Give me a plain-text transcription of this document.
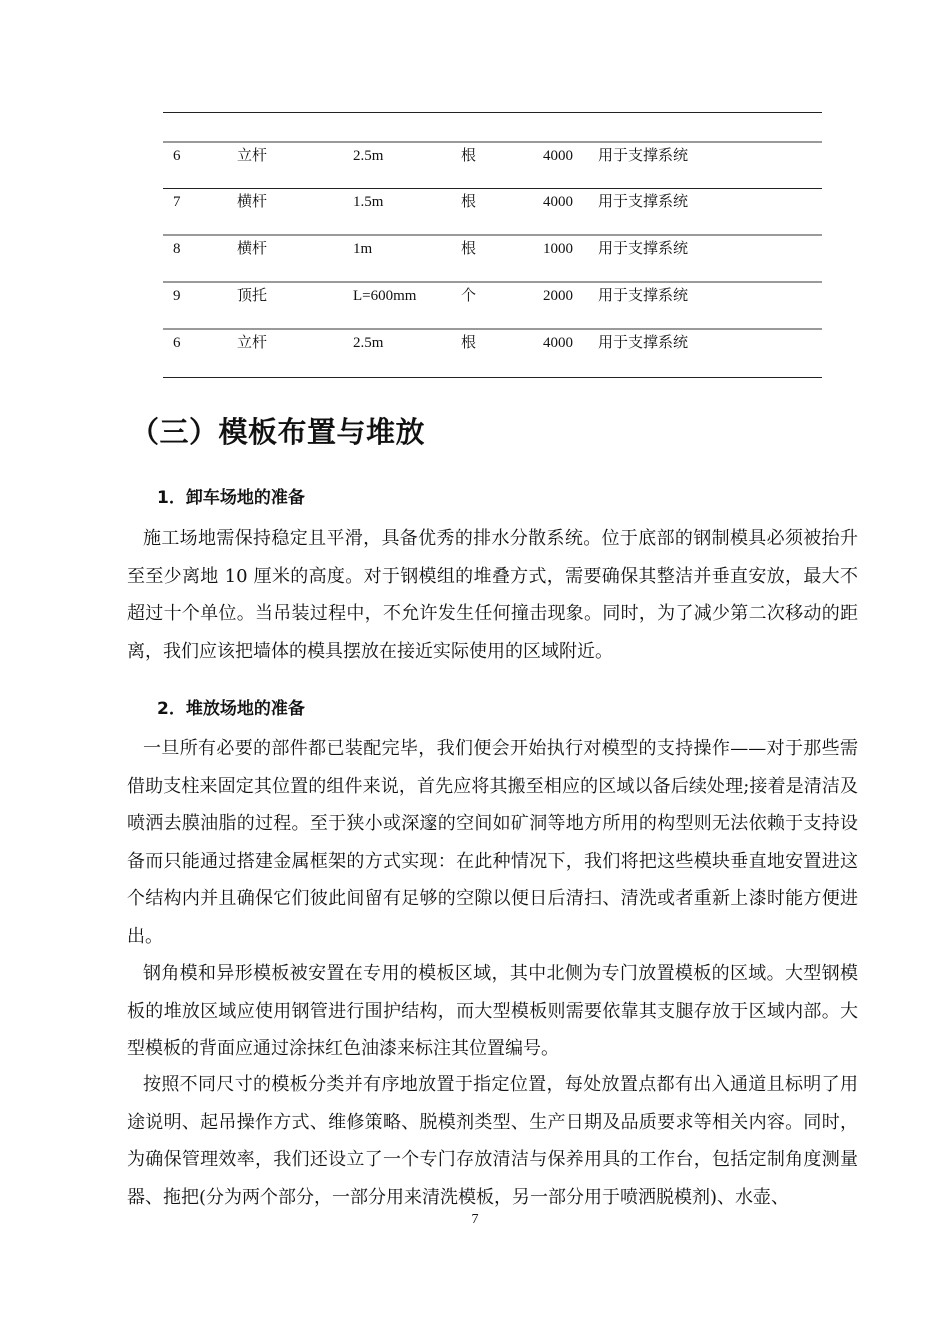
6	立杆	2.5m	根	4000 用于支撑系统
7	横杆	1.5m	根	4000 用于支撑系统
8	横杆	1m	根	1000 用于支撑系统
9	顶托	L=600mm	个	2000 用于支撑系统
6	立杆	2.5m	根	4000 用于支撑系统
（三）模板布置与堆放
1．卸车场地的准备

施工场地需保持稳定且平滑，具备优秀的排水分散系统。位于底部的钢制模具必须被抬升至至少离地 10 厘米的高度。对于钢模组的堆叠方式，需要确保其整洁并垂直安放，最大不超过十个单位。当吊装过程中，不允许发生任何撞击现象。同时，为了减少第二次移动的距离，我们应该把墙体的模具摆放在接近实际使用的区域附近。

2．堆放场地的准备

一旦所有必要的部件都已装配完毕，我们便会开始执行对模型的支持操作——对于那些需借助支柱来固定其位置的组件来说，首先应将其搬至相应的区域以备后续处理;接着是清洁及喷洒去膜油脂的过程。至于狭小或深邃的空间如矿洞等地方所用的构型则无法依赖于支持设备而只能通过搭建金属框架的方式实现：在此种情况下，我们将把这些模块垂直地安置进这个结构内并且确保它们彼此间留有足够的空隙以便日后清扫、清洗或者重新上漆时能方便进出。

钢角模和异形模板被安置在专用的模板区域，其中北侧为专门放置模板的区域。大型钢模板的堆放区域应使用钢管进行围护结构，而大型模板则需要依靠其支腿存放于区域内部。大型模板的背面应通过涂抹红色油漆来标注其位置编号。

按照不同尺寸的模板分类并有序地放置于指定位置，每处放置点都有出入通道且标明了用途说明、起吊操作方式、维修策略、脱模剂类型、生产日期及品质要求等相关内容。同时，为确保管理效率，我们还设立了一个专门存放清洁与保养用具的工作台，包括定制角度测量器、拖把(分为两个部分，一部分用来清洗模板，另一部分用于喷洒脱模剂)、水壶、

7
